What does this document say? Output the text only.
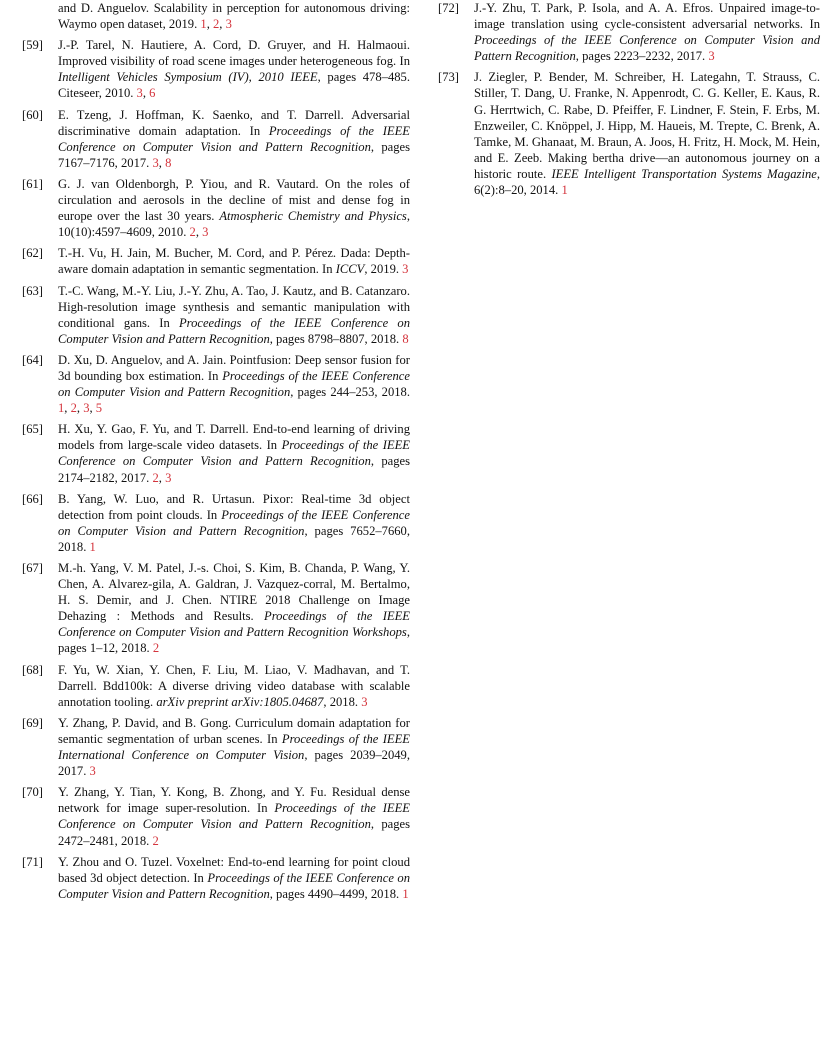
and D. Anguelov. Scalability in perception for autonomous driving: Waymo open dataset, 2019. 1, 2, 3
[59]	J.-P. Tarel, N. Hautiere, A. Cord, D. Gruyer, and H. Halmaoui. Improved visibility of road scene images under heterogeneous fog. In Intelligent Vehicles Symposium (IV), 2010 IEEE, pages 478–485. Citeseer, 2010. 3, 6
[60]	E. Tzeng, J. Hoffman, K. Saenko, and T. Darrell. Adversarial discriminative domain adaptation. In Proceedings of the IEEE Conference on Computer Vision and Pattern Recognition, pages 7167–7176, 2017. 3, 8
[61]	G. J. van Oldenborgh, P. Yiou, and R. Vautard. On the roles of circulation and aerosols in the decline of mist and dense fog in europe over the last 30 years. Atmospheric Chemistry and Physics, 10(10):4597–4609, 2010. 2, 3
[62]	T.-H. Vu, H. Jain, M. Bucher, M. Cord, and P. Pérez. Dada: Depth-aware domain adaptation in semantic segmentation. In ICCV, 2019. 3
[63]	T.-C. Wang, M.-Y. Liu, J.-Y. Zhu, A. Tao, J. Kautz, and B. Catanzaro. High-resolution image synthesis and semantic manipulation with conditional gans. In Proceedings of the IEEE Conference on Computer Vision and Pattern Recognition, pages 8798–8807, 2018. 8
[64]	D. Xu, D. Anguelov, and A. Jain. Pointfusion: Deep sensor fusion for 3d bounding box estimation. In Proceedings of the IEEE Conference on Computer Vision and Pattern Recognition, pages 244–253, 2018. 1, 2, 3, 5
[65]	H. Xu, Y. Gao, F. Yu, and T. Darrell. End-to-end learning of driving models from large-scale video datasets. In Proceedings of the IEEE Conference on Computer Vision and Pattern Recognition, pages 2174–2182, 2017. 2, 3
[66]	B. Yang, W. Luo, and R. Urtasun. Pixor: Real-time 3d object detection from point clouds. In Proceedings of the IEEE Conference on Computer Vision and Pattern Recognition, pages 7652–7660, 2018. 1
[67]	M.-h. Yang, V. M. Patel, J.-s. Choi, S. Kim, B. Chanda, P. Wang, Y. Chen, A. Alvarez-gila, A. Galdran, J. Vazquez-corral, M. Bertalmo, H. S. Demir, and J. Chen. NTIRE 2018 Challenge on Image Dehazing : Methods and Results. Proceedings of the IEEE Conference on Computer Vision and Pattern Recognition Workshops, pages 1–12, 2018. 2
[68]	F. Yu, W. Xian, Y. Chen, F. Liu, M. Liao, V. Madhavan, and T. Darrell. Bdd100k: A diverse driving video database with scalable annotation tooling. arXiv preprint arXiv:1805.04687, 2018. 3
[69]	Y. Zhang, P. David, and B. Gong. Curriculum domain adaptation for semantic segmentation of urban scenes. In Proceedings of the IEEE International Conference on Computer Vision, pages 2039–2049, 2017. 3
[70]	Y. Zhang, Y. Tian, Y. Kong, B. Zhong, and Y. Fu. Residual dense network for image super-resolution. In Proceedings of the IEEE Conference on Computer Vision and Pattern Recognition, pages 2472–2481, 2018. 2
[71]	Y. Zhou and O. Tuzel. Voxelnet: End-to-end learning for point cloud based 3d object detection. In Proceedings of the IEEE Conference on Computer Vision and Pattern Recognition, pages 4490–4499, 2018. 1
[72]	J.-Y. Zhu, T. Park, P. Isola, and A. A. Efros. Unpaired image-to-image translation using cycle-consistent adversarial networks. In Proceedings of the IEEE Conference on Computer Vision and Pattern Recognition, pages 2223–2232, 2017. 3
[73]	J. Ziegler, P. Bender, M. Schreiber, H. Lategahn, T. Strauss, C. Stiller, T. Dang, U. Franke, N. Appenrodt, C. G. Keller, E. Kaus, R. G. Herrtwich, C. Rabe, D. Pfeiffer, F. Lindner, F. Stein, F. Erbs, M. Enzweiler, C. Knöppel, J. Hipp, M. Haueis, M. Trepte, C. Brenk, A. Tamke, M. Ghanaat, M. Braun, A. Joos, H. Fritz, H. Mock, M. Hein, and E. Zeeb. Making bertha drive—an autonomous journey on a historic route. IEEE Intelligent Transportation Systems Magazine, 6(2):8–20, 2014. 1
